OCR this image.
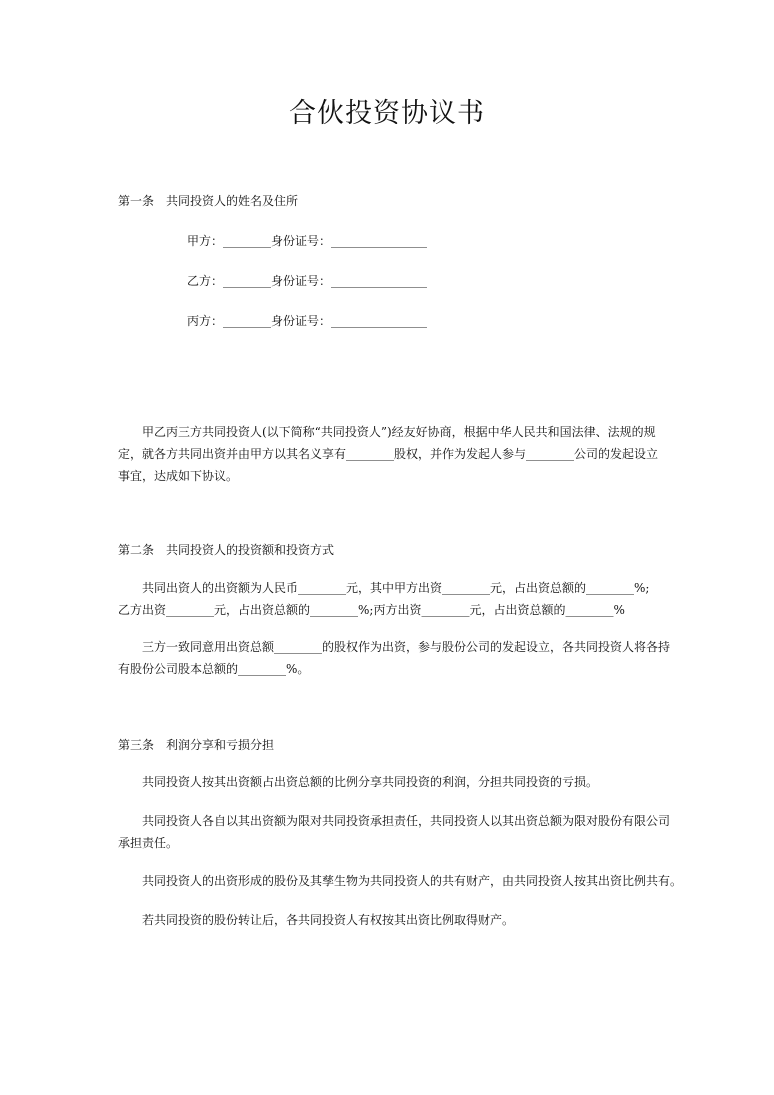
合伙投资协议书
第一条　共同投资人的姓名及住所
甲方：________身份证号：________________
乙方：________身份证号：________________
丙方：________身份证号：________________
甲乙丙三方共同投资人(以下简称“共同投资人”)经友好协商，根据中华人民共和国法律、法规的规
定，就各方共同出资并由甲方以其名义享有________股权，并作为发起人参与________公司的发起设立
事宜，达成如下协议。
第二条　共同投资人的投资额和投资方式
共同出资人的出资额为人民币________元，其中甲方出资________元，占出资总额的________%;
乙方出资________元，占出资总额的________%;丙方出资________元，占出资总额的________%
三方一致同意用出资总额________的股权作为出资，参与股份公司的发起设立，各共同投资人将各持
有股份公司股本总额的________%。
第三条　利润分享和亏损分担
共同投资人按其出资额占出资总额的比例分享共同投资的利润，分担共同投资的亏损。
共同投资人各自以其出资额为限对共同投资承担责任，共同投资人以其出资总额为限对股份有限公司
承担责任。
共同投资人的出资形成的股份及其孳生物为共同投资人的共有财产，由共同投资人按其出资比例共有。
若共同投资的股份转让后，各共同投资人有权按其出资比例取得财产。
